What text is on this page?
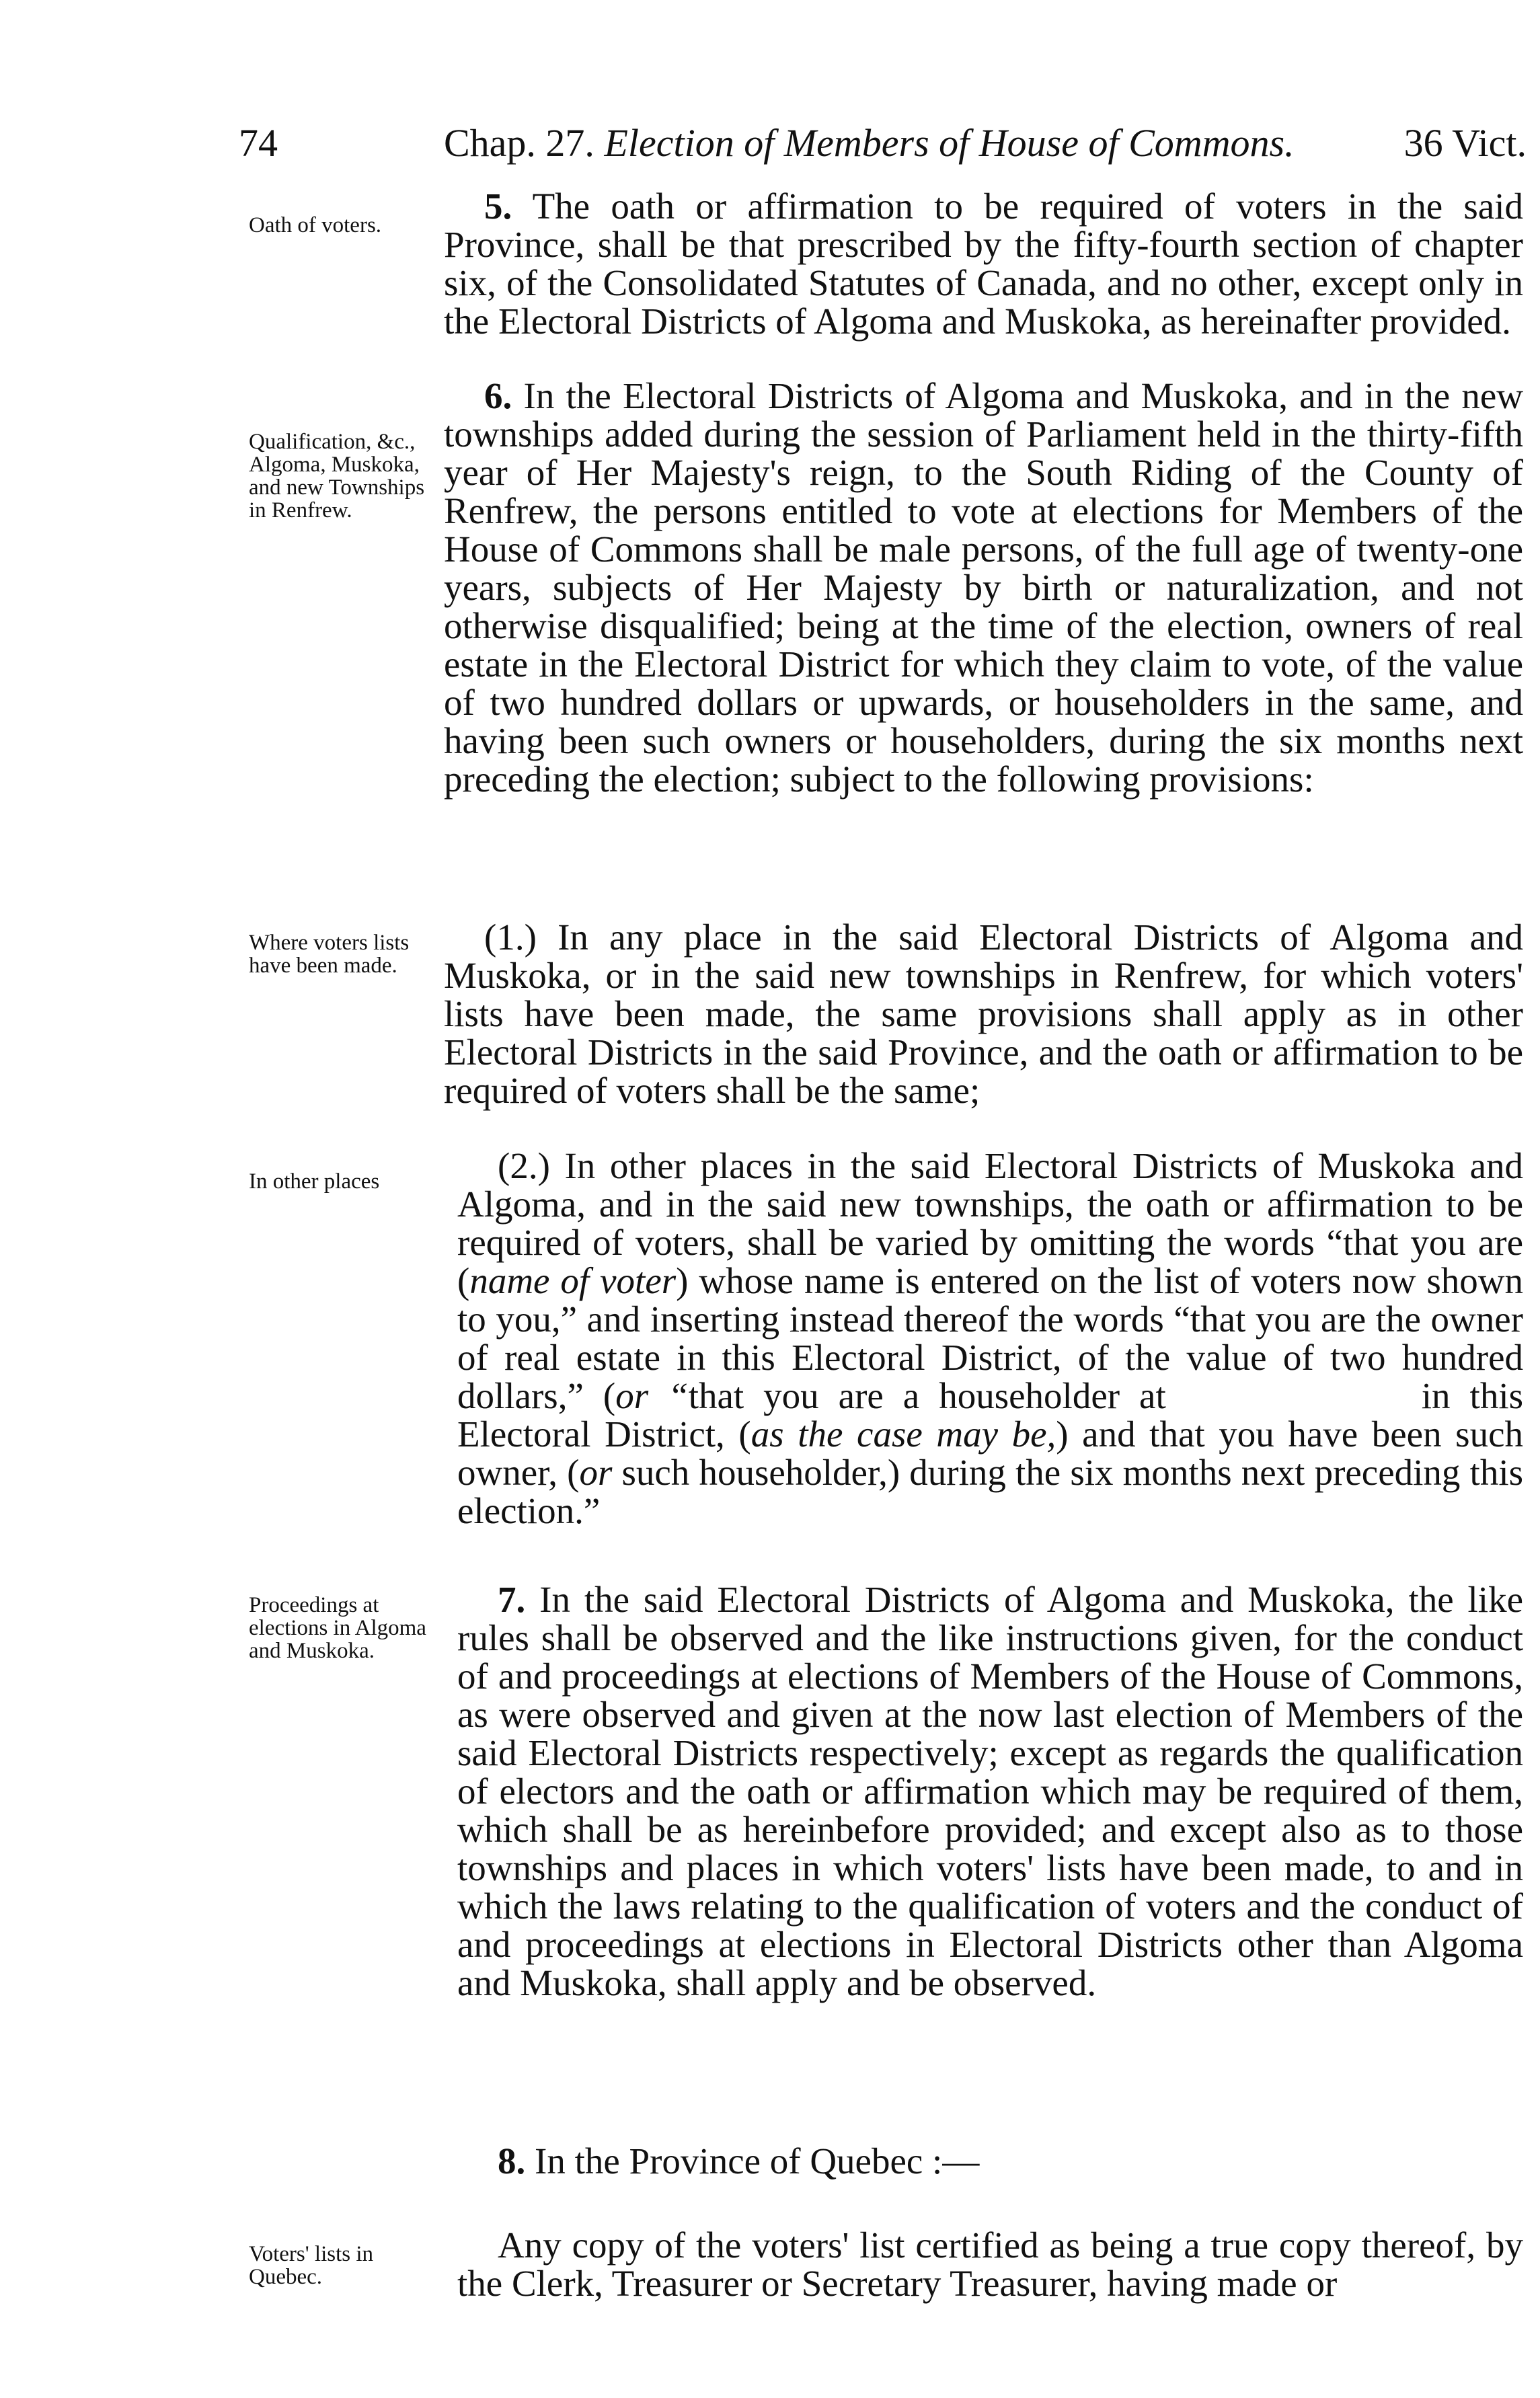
74	Chap. 27. Election of Members of House of Commons.	36 Vict.
Oath of voters.	5. The oath or affirmation to be required of voters in the said Province, shall be that prescribed by the fifty-fourth section of chapter six, of the Consolidated Statutes of Canada, and no other, except only in the Electoral Districts of Algoma and Muskoka, as hereinafter provided.

Qualification, &c., Algoma, Muskoka, and new Townships in Renfrew.

6. In the Electoral Districts of Algoma and Muskoka, and in the new townships added during the session of Parliament held in the thirty-fifth year of Her Majesty's reign, to the South Riding of the County of Renfrew, the persons entitled to vote at elections for Members of the House of Commons shall be male persons, of the full age of twenty-one years, subjects of Her Majesty by birth or naturalization, and not otherwise disqualified; being at the time of the election, owners of real estate in the Electoral District for which they claim to vote, of the value of two hundred dollars or upwards, or householders in the same, and having been such owners or householders, during the six months next preceding the election; subject to the following provisions:

Where voters lists have been made.

(1.) In any place in the said Electoral Districts of Algoma and Muskoka, or in the said new townships in Renfrew, for which voters' lists have been made, the same provisions shall apply as in other Electoral Districts in the said Province, and the oath or affirmation to be required of voters shall be the same;

In other places	(2.) In other places in the said Electoral Districts of Muskoka and Algoma, and in the said new townships, the oath or affirmation to be required of voters, shall be varied by omitting the words “that you are (name of voter) whose name is entered on the list of voters now shown to you,” and inserting instead thereof the words “that you are the owner of real estate in this Electoral District, of the value of two hundred dollars,” (or “that you are a householder at	in this Electoral District, (as the case may be,) and that you have been such owner, (or such householder,) during the six months next preceding this election.”

Proceedings at elections in Algoma and Muskoka.

7. In the said Electoral Districts of Algoma and Muskoka, the like rules shall be observed and the like instructions given, for the conduct of and proceedings at elections of Members of the House of Commons, as were observed and given at the now last election of Members of the said Electoral Districts respectively; except as regards the qualification of electors and the oath or affirmation which may be required of them, which shall be as hereinbefore provided; and except also as to those townships and places in which voters' lists have been made, to and in which the laws relating to the qualification of voters and the conduct of and proceedings at elections in Electoral Districts other than Algoma and Muskoka, shall apply and be observed.

8. In the Province of Quebec :—

Voters' lists in Quebec.

Any copy of the voters' list certified as being a true copy thereof, by the Clerk, Treasurer or Secretary Treasurer, having made or
